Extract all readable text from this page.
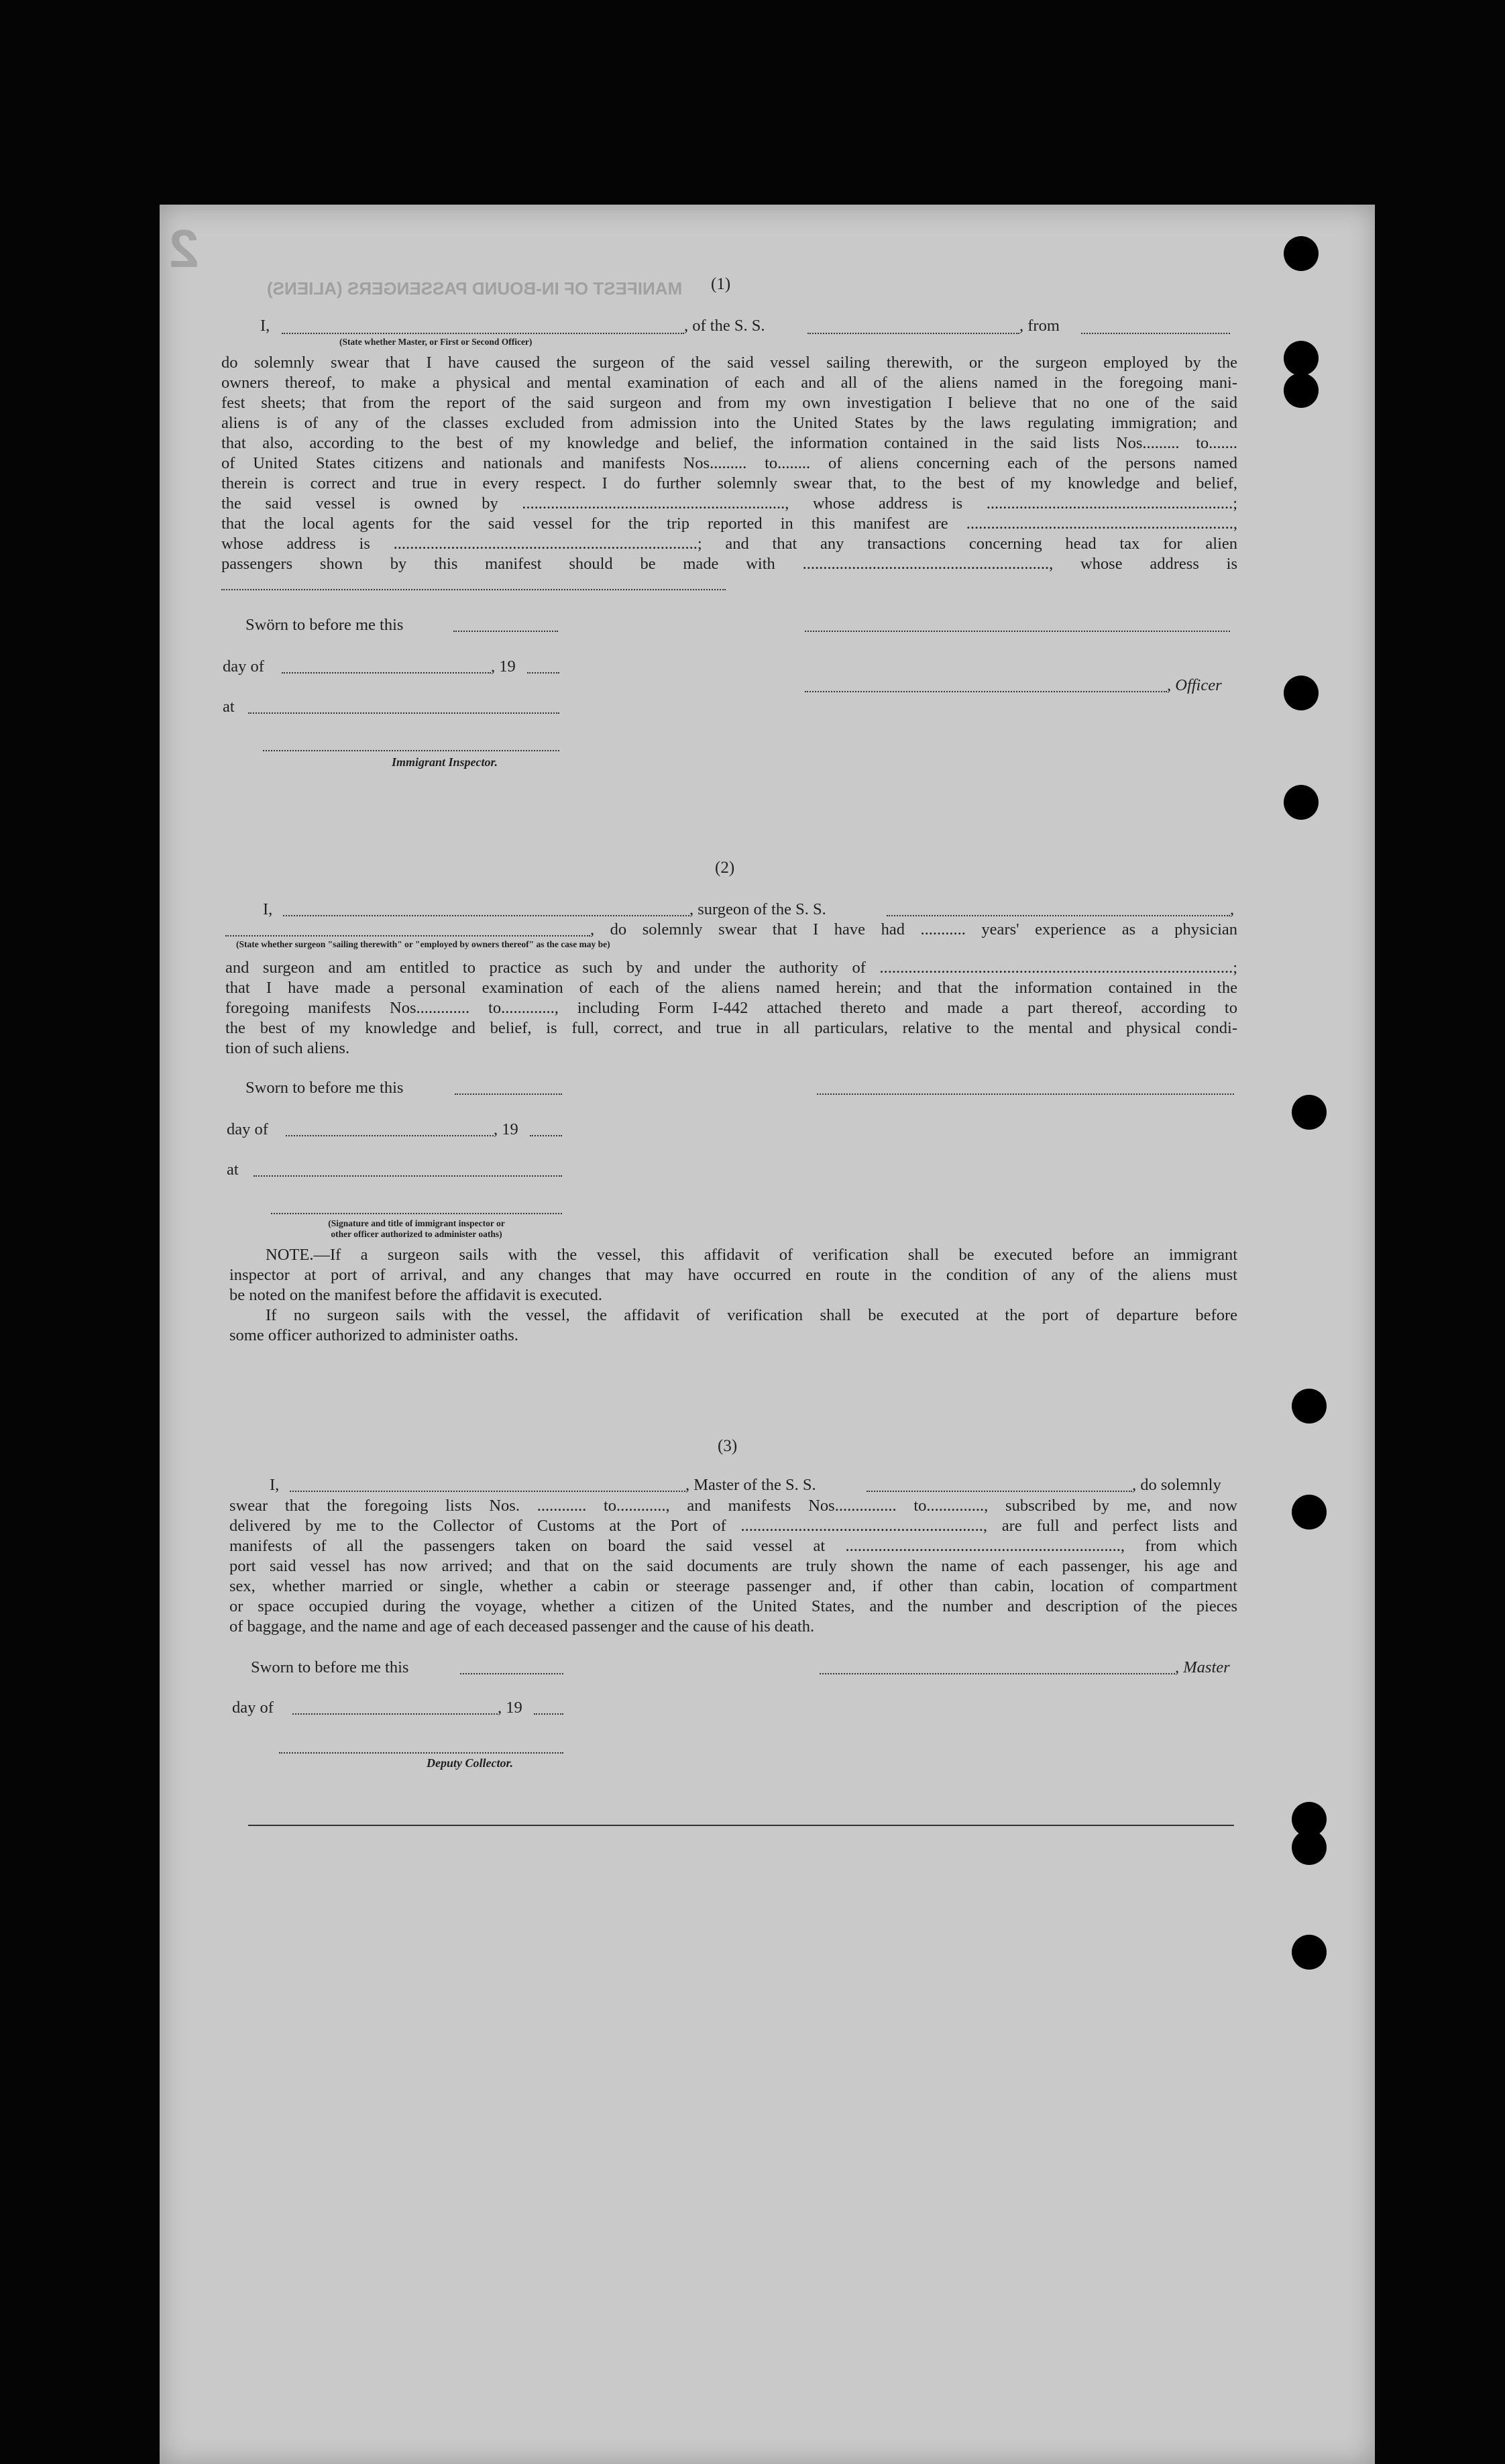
MANIFEST OF IN-BOUND PASSENGERS (ALIENS)
2
(1)
I,	, of the S. S.	, from
(State whether Master, or First or Second Officer)
do solemnly swear that I have caused the surgeon of the said vessel sailing therewith, or the surgeon employed by the
owners thereof, to make a physical and mental examination of each and all of the aliens named in the foregoing mani-
fest sheets; that from the report of the said surgeon and from my own investigation I believe that no one of the said
aliens is of any of the classes excluded from admission into the United States by the laws regulating immigration; and
that also, according to the best of my knowledge and belief, the information contained in the said lists Nos......... to.......
of United States citizens and nationals and manifests Nos......... to........ of aliens concerning each of the persons named
therein is correct and true in every respect. I do further solemnly swear that, to the best of my knowledge and belief,
the said vessel is owned by ................................................................, whose address is ............................................................;
that the local agents for the said vessel for the trip reported in this manifest are .................................................................,
whose address is ..........................................................................; and that any transactions concerning head tax for alien
passengers shown by this manifest should be made with ............................................................, whose address is
Swörn to before me this
day of	, 19
, Officer
at
Immigrant Inspector.
(2)
I,	, surgeon of the S. S.	,
, do solemnly swear that I have had ........... years' experience as a physician
(State whether surgeon "sailing therewith" or "employed by owners thereof" as the case may be)
and surgeon and am entitled to practice as such by and under the authority of ......................................................................................;
that I have made a personal examination of each of the aliens named herein; and that the information contained in the
foregoing manifests Nos............. to............., including Form I-442 attached thereto and made a part thereof, according to
the best of my knowledge and belief, is full, correct, and true in all particulars, relative to the mental and physical condi-
tion of such aliens.
Sworn to before me this
day of	, 19
at
(Signature and title of immigrant inspector or
other officer authorized to administer oaths)
NOTE.—If a surgeon sails with the vessel, this affidavit of verification shall be executed before an immigrant
inspector at port of arrival, and any changes that may have occurred en route in the condition of any of the aliens must
be noted on the manifest before the affidavit is executed.
If no surgeon sails with the vessel, the affidavit of verification shall be executed at the port of departure before
some officer authorized to administer oaths.
(3)
I,	, Master of the S. S.	, do solemnly
swear that the foregoing lists Nos. ............ to............, and manifests Nos............... to.............., subscribed by me, and now
delivered by me to the Collector of Customs at the Port of ..........................................................., are full and perfect lists and
manifests of all the passengers taken on board the said vessel at ..................................................................., from which
port said vessel has now arrived; and that on the said documents are truly shown the name of each passenger, his age and
sex, whether married or single, whether a cabin or steerage passenger and, if other than cabin, location of compartment
or space occupied during the voyage, whether a citizen of the United States, and the number and description of the pieces
of baggage, and the name and age of each deceased passenger and the cause of his death.
Sworn to before me this	, Master
day of	, 19
Deputy Collector.
